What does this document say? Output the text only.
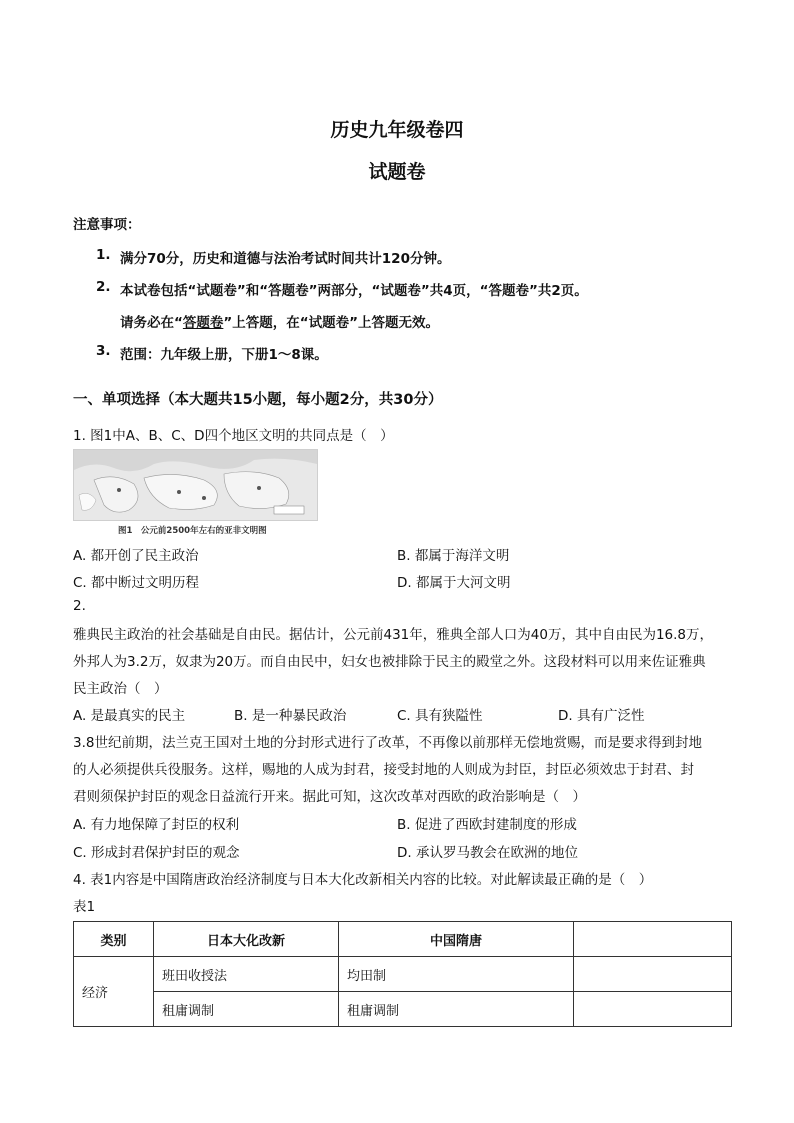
历史九年级卷四
试题卷
注意事项：
1. 满分70分，历史和道德与法治考试时间共计120分钟。
2. 本试卷包括“试题卷”和“答题卷”两部分，“试题卷”共4页，“答题卷”共2页。
请务必在“答题卷”上答题，在“试题卷”上答题无效。
3. 范围：九年级上册，下册1～8课。
一、单项选择（本大题共15小题，每小题2分，共30分）
1. 图1中A、B、C、D四个地区文明的共同点是（　）
图1　公元前2500年左右的亚非文明图
A. 都开创了民主政治	B. 都属于海洋文明
C. 都中断过文明历程	D. 都属于大河文明
2.
雅典民主政治的社会基础是自由民。据估计，公元前431年，雅典全部人口为40万，其中自由民为16.8万，
外邦人为3.2万，奴隶为20万。而自由民中，妇女也被排除于民主的殿堂之外。这段材料可以用来佐证雅典
民主政治（　）
A. 是最真实的民主	B. 是一种暴民政治	C. 具有狭隘性	D. 具有广泛性
3.8世纪前期，法兰克王国对土地的分封形式进行了改革，不再像以前那样无偿地赏赐，而是要求得到封地
的人必须提供兵役服务。这样，赐地的人成为封君，接受封地的人则成为封臣，封臣必须效忠于封君、封
君则须保护封臣的观念日益流行开来。据此可知，这次改革对西欧的政治影响是（　）
A. 有力地保障了封臣的权利	B. 促进了西欧封建制度的形成
C. 形成封君保护封臣的观念	D. 承认罗马教会在欧洲的地位
4. 表1内容是中国隋唐政治经济制度与日本大化改新相关内容的比较。对此解读最正确的是（　）
表1
类别	日本大化改新	中国隋唐	
经济	班田收授法	均田制	
	租庸调制	租庸调制	
